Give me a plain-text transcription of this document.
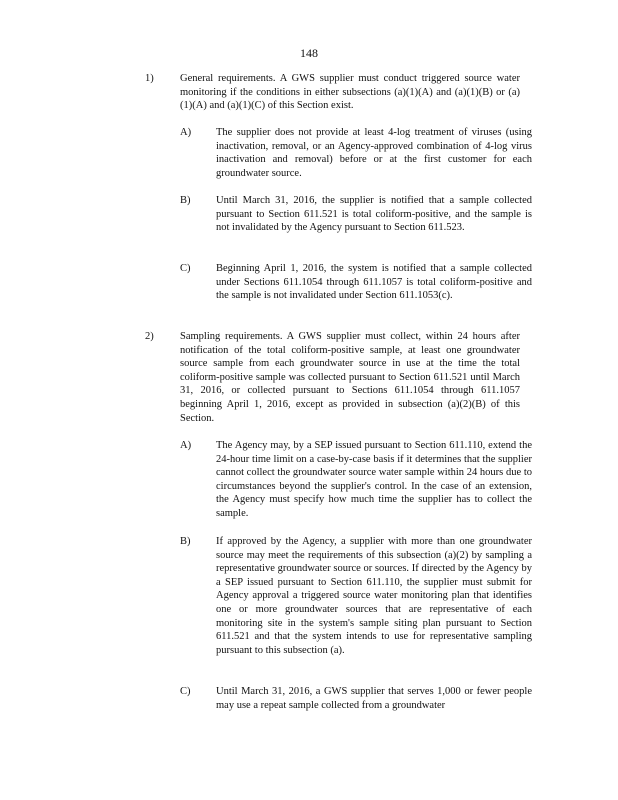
148
1)	General requirements. A GWS supplier must conduct triggered source water monitoring if the conditions in either subsections (a)(1)(A) and (a)(1)(B) or (a)(1)(A) and (a)(1)(C) of this Section exist.
A) The supplier does not provide at least 4-log treatment of viruses (using inactivation, removal, or an Agency-approved combination of 4-log virus inactivation and removal) before or at the first customer for each groundwater source.
B) Until March 31, 2016, the supplier is notified that a sample collected pursuant to Section 611.521 is total coliform-positive, and the sample is not invalidated by the Agency pursuant to Section 611.523.
C) Beginning April 1, 2016, the system is notified that a sample collected under Sections 611.1054 through 611.1057 is total coliform-positive and the sample is not invalidated under Section 611.1053(c).
2)	Sampling requirements. A GWS supplier must collect, within 24 hours after notification of the total coliform-positive sample, at least one groundwater source sample from each groundwater source in use at the time the total coliform-positive sample was collected pursuant to Section 611.521 until March 31, 2016, or collected pursuant to Sections 611.1054 through 611.1057 beginning April 1, 2016, except as provided in subsection (a)(2)(B) of this Section.
A) The Agency may, by a SEP issued pursuant to Section 611.110, extend the 24-hour time limit on a case-by-case basis if it determines that the supplier cannot collect the groundwater source water sample within 24 hours due to circumstances beyond the supplier's control. In the case of an extension, the Agency must specify how much time the supplier has to collect the sample.
B) If approved by the Agency, a supplier with more than one groundwater source may meet the requirements of this subsection (a)(2) by sampling a representative groundwater source or sources. If directed by the Agency by a SEP issued pursuant to Section 611.110, the supplier must submit for Agency approval a triggered source water monitoring plan that identifies one or more groundwater sources that are representative of each monitoring site in the system's sample siting plan pursuant to Section 611.521 and that the system intends to use for representative sampling pursuant to this subsection (a).
C) Until March 31, 2016, a GWS supplier that serves 1,000 or fewer people may use a repeat sample collected from a groundwater
